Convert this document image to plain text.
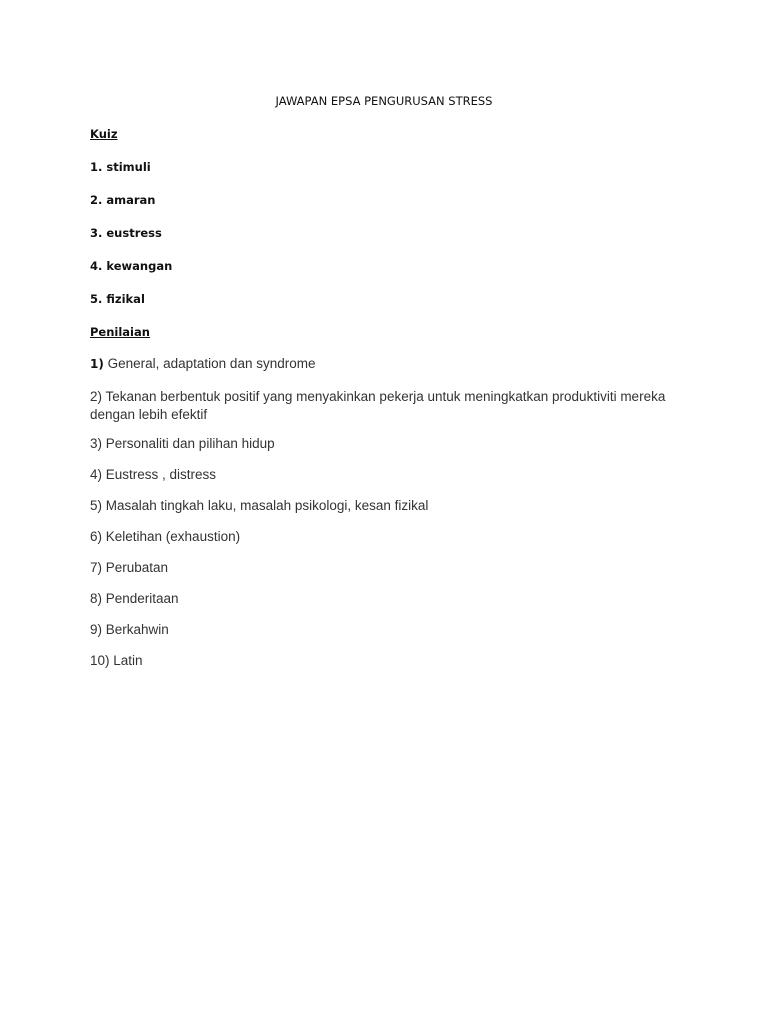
JAWAPAN EPSA PENGURUSAN STRESS
Kuiz
1. stimuli
2. amaran
3. eustress
4. kewangan
5. fizikal
Penilaian
1) General, adaptation dan syndrome
2) Tekanan berbentuk positif yang menyakinkan pekerja untuk meningkatkan produktiviti mereka dengan lebih efektif
3) Personaliti dan pilihan hidup
4) Eustress , distress
5) Masalah tingkah laku, masalah psikologi, kesan fizikal
6) Keletihan (exhaustion)
7) Perubatan
8) Penderitaan
9) Berkahwin
10) Latin
